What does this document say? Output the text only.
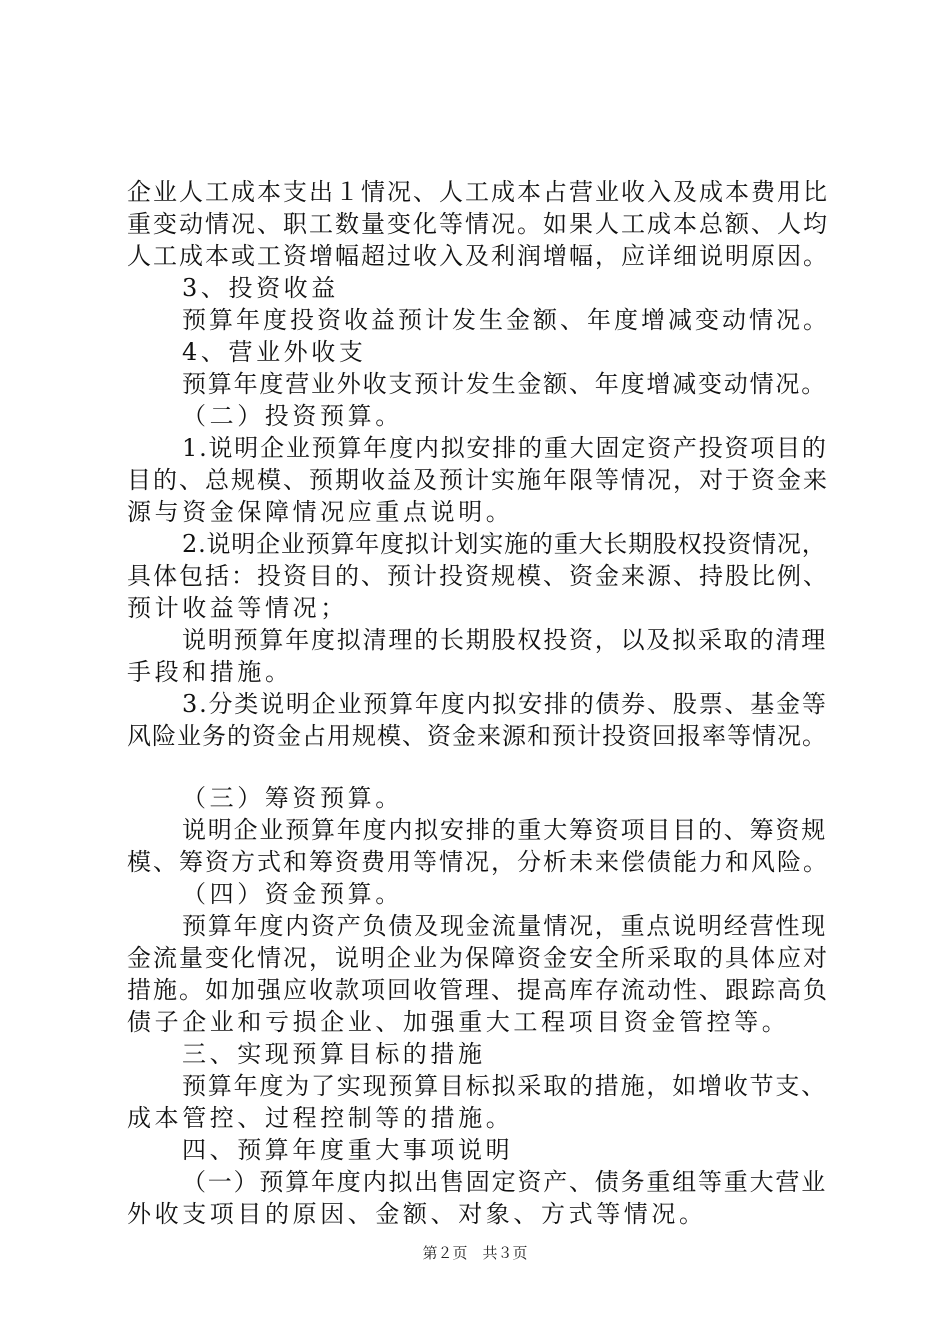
企业人工成本支出１情况、人工成本占营业收入及成本费用比
重变动情况、职工数量变化等情况。如果人工成本总额、人均
人工成本或工资增幅超过收入及利润增幅，应详细说明原因。
3、投资收益
预算年度投资收益预计发生金额、年度增减变动情况。
4、营业外收支
预算年度营业外收支预计发生金额、年度增减变动情况。
（二）投资预算。
1.说明企业预算年度内拟安排的重大固定资产投资项目的
目的、总规模、预期收益及预计实施年限等情况，对于资金来
源与资金保障情况应重点说明。
2.说明企业预算年度拟计划实施的重大长期股权投资情况，
具体包括：投资目的、预计投资规模、资金来源、持股比例、
预计收益等情况；
说明预算年度拟清理的长期股权投资，以及拟采取的清理
手段和措施。
3.分类说明企业预算年度内拟安排的债券、股票、基金等
风险业务的资金占用规模、资金来源和预计投资回报率等情况。
（三）筹资预算。
说明企业预算年度内拟安排的重大筹资项目目的、筹资规
模、筹资方式和筹资费用等情况，分析未来偿债能力和风险。
（四）资金预算。
预算年度内资产负债及现金流量情况，重点说明经营性现
金流量变化情况，说明企业为保障资金安全所采取的具体应对
措施。如加强应收款项回收管理、提高库存流动性、跟踪高负
债子企业和亏损企业、加强重大工程项目资金管控等。
三、实现预算目标的措施
预算年度为了实现预算目标拟采取的措施，如增收节支、
成本管控、过程控制等的措施。
四、预算年度重大事项说明
（一）预算年度内拟出售固定资产、债务重组等重大营业
外收支项目的原因、金额、对象、方式等情况。
第２页　共３页
